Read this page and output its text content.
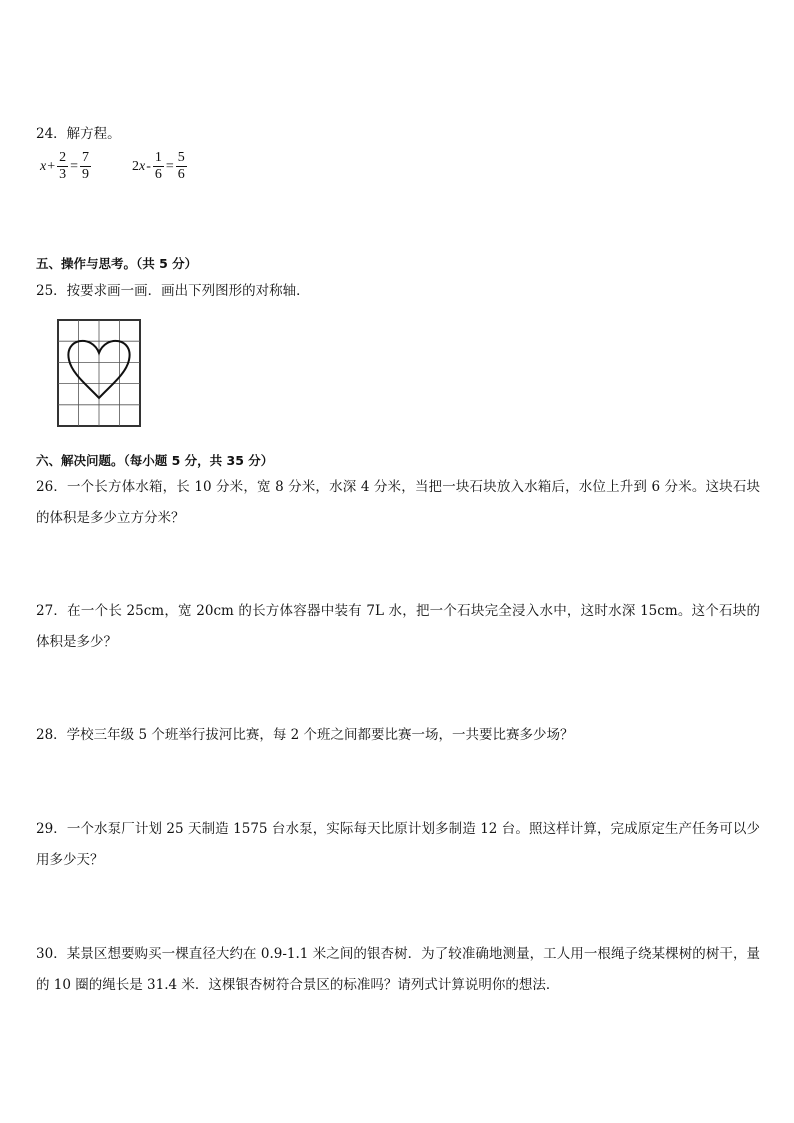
24．解方程。
$x + \frac{2}{3} = \frac{7}{9}$	2 $x - \frac{1}{6} = \frac{5}{6}$
五、操作与思考。（共 5 分）
25．按要求画一画．画出下列图形的对称轴．
六、解决问题。（每小题 5 分，共 35 分）
26．一个长方体水箱，长 10 分米，宽 8 分米，水深 4 分米，当把一块石块放入水箱后，水位上升到 6 分米。这块石块的体积是多少立方分米？
27．在一个长 25cm，宽 20cm 的长方体容器中装有 7L 水，把一个石块完全浸入水中，这时水深 15cm。这个石块的体积是多少？
28．学校三年级 5 个班举行拔河比赛，每 2 个班之间都要比赛一场，一共要比赛多少场？
29．一个水泵厂计划 25 天制造 1575 台水泵，实际每天比原计划多制造 12 台。照这样计算，完成原定生产任务可以少用多少天？
30．某景区想要购买一棵直径大约在 0.9-1.1 米之间的银杏树．为了较准确地测量，工人用一根绳子绕某棵树的树干，量的 10 圈的绳长是 31.4 米．这棵银杏树符合景区的标准吗？请列式计算说明你的想法．
